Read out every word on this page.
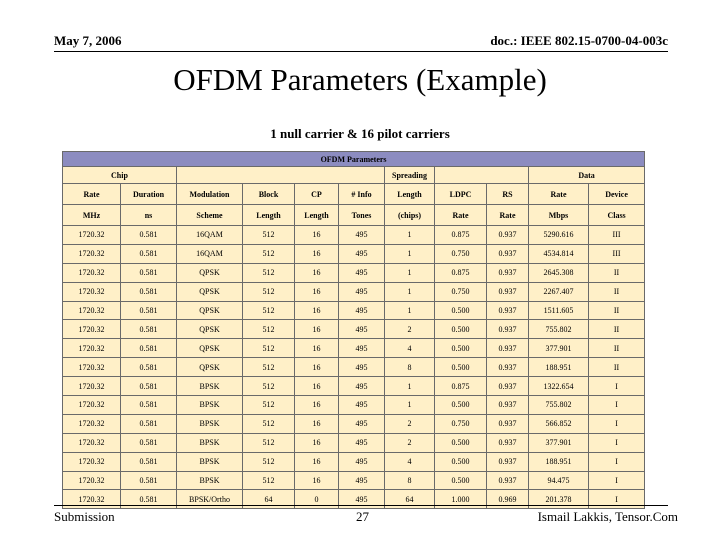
May 7, 2006	doc.: IEEE 802.15-0700-04-003c
OFDM Parameters (Example)
1 null carrier & 16 pilot carriers
OFDM Parameters										
Chip						Spreading			Data	
Rate	Duration	Modulation	Block	CP	# Info	Length	LDPC	RS	Rate	Device
MHz	ns	Scheme	Length	Length	Tones	(chips)	Rate	Rate	Mbps	Class
1720.32	0.581	16QAM	512	16	495	1	0.875	0.937	5290.616	III
1720.32	0.581	16QAM	512	16	495	1	0.750	0.937	4534.814	III
1720.32	0.581	QPSK	512	16	495	1	0.875	0.937	2645.308	II
1720.32	0.581	QPSK	512	16	495	1	0.750	0.937	2267.407	II
1720.32	0.581	QPSK	512	16	495	1	0.500	0.937	1511.605	II
1720.32	0.581	QPSK	512	16	495	2	0.500	0.937	755.802	II
1720.32	0.581	QPSK	512	16	495	4	0.500	0.937	377.901	II
1720.32	0.581	QPSK	512	16	495	8	0.500	0.937	188.951	II
1720.32	0.581	BPSK	512	16	495	1	0.875	0.937	1322.654	I
1720.32	0.581	BPSK	512	16	495	1	0.500	0.937	755.802	I
1720.32	0.581	BPSK	512	16	495	2	0.750	0.937	566.852	I
1720.32	0.581	BPSK	512	16	495	2	0.500	0.937	377.901	I
1720.32	0.581	BPSK	512	16	495	4	0.500	0.937	188.951	I
1720.32	0.581	BPSK	512	16	495	8	0.500	0.937	94.475	I
1720.32	0.581	BPSK/Ortho	64	0	495	64	1.000	0.969	201.378	I
Submission	27	Ismail Lakkis, Tensor.Com
